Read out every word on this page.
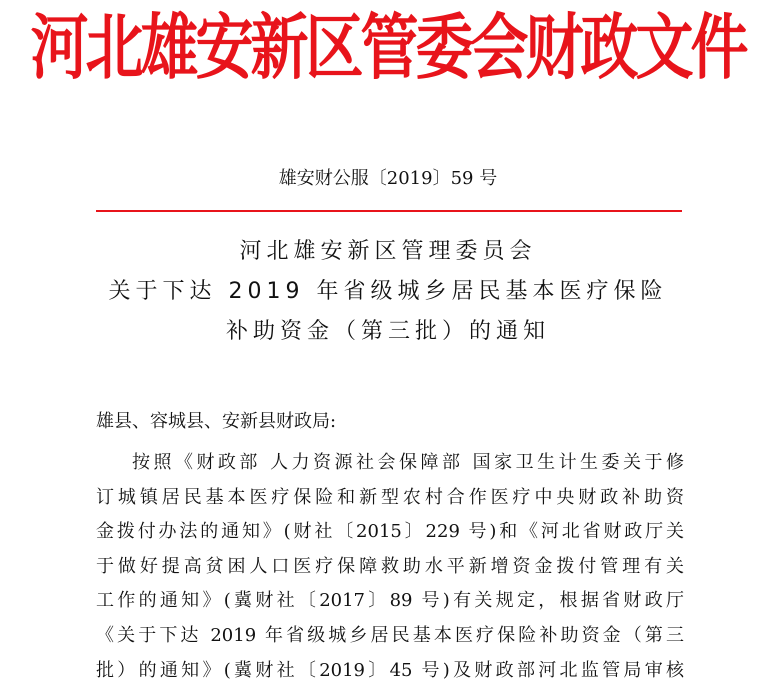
河北雄安新区管委会财政文件
雄安财公服〔2019〕59 号
河北雄安新区管理委员会
关于下达 2019 年省级城乡居民基本医疗保险
补助资金（第三批）的通知
雄县、容城县、安新县财政局:
按照《财政部 人力资源社会保障部 国家卫生计生委关于修
订城镇居民基本医疗保险和新型农村合作医疗中央财政补助资
金拨付办法的通知》(财社〔2015〕229 号)和《河北省财政厅关
于做好提高贫困人口医疗保障救助水平新增资金拨付管理有关
工作的通知》(冀财社〔2017〕89 号)有关规定，根据省财政厅
《关于下达 2019 年省级城乡居民基本医疗保险补助资金（第三
批）的通知》(冀财社〔2019〕45 号)及财政部河北监管局审核
